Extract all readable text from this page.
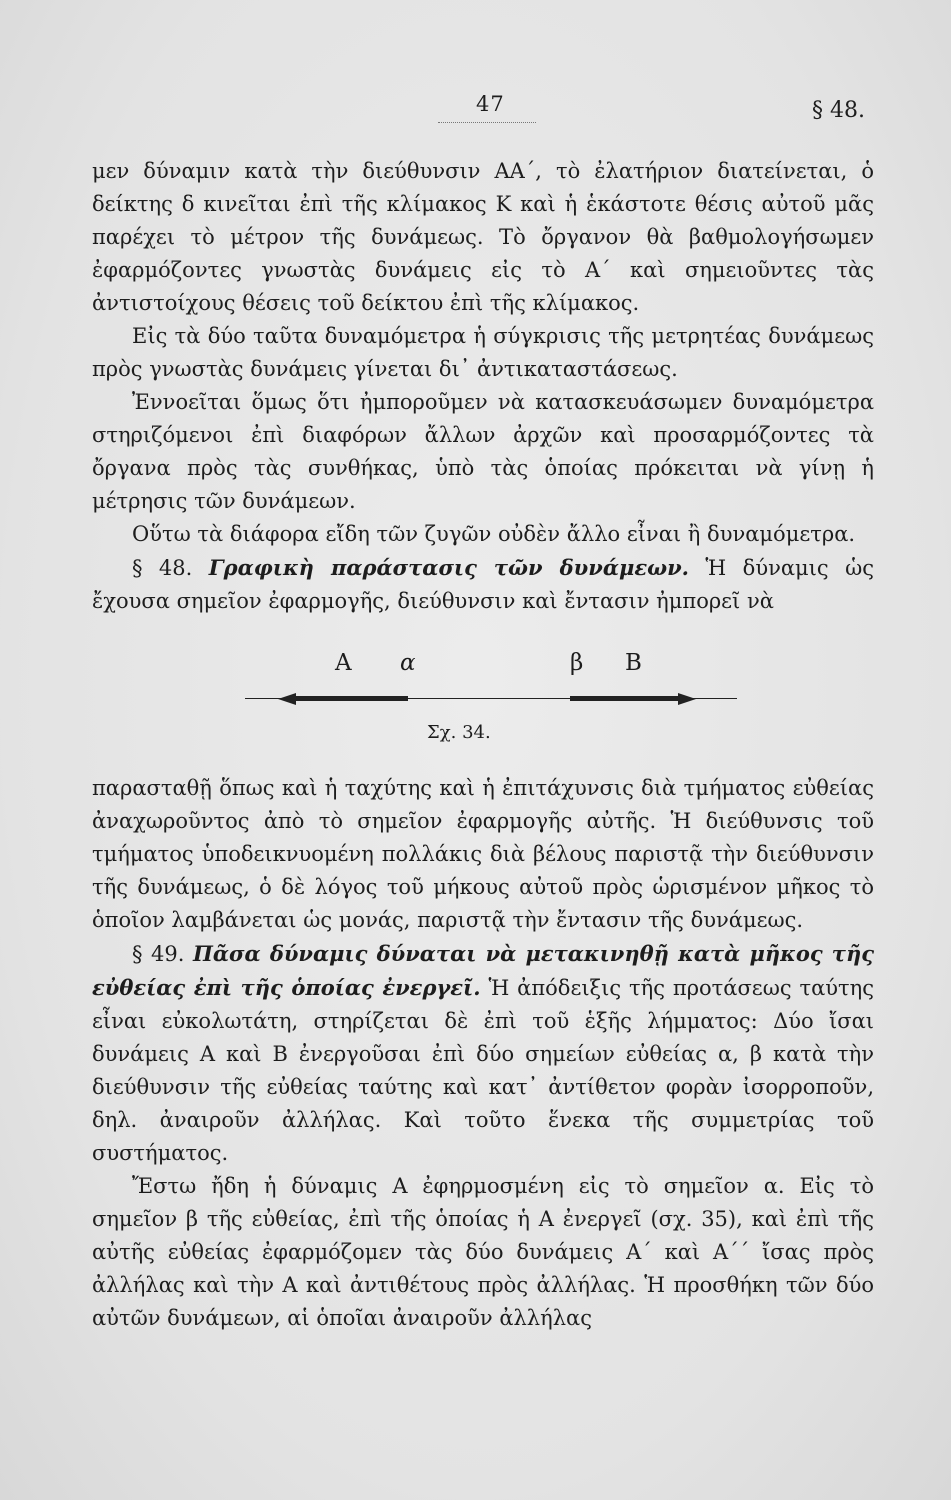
47	§ 48.

μεν δύναμιν κατὰ τὴν διεύθυνσιν ΑΑ΄, τὸ ἐλατήριον διατείνεται, ὁ δείκτης δ κινεῖται ἐπὶ τῆς κλίμακος Κ καὶ ἡ ἑκάστοτε θέσις αὐτοῦ μᾶς παρέχει τὸ μέτρον τῆς δυνάμεως. Τὸ ὄργανον θὰ βαθμολογήσωμεν ἐφαρμόζοντες γνωστὰς δυνάμεις εἰς τὸ Α΄ καὶ σημειοῦντες τὰς ἀντιστοίχους θέσεις τοῦ δείκτου ἐπὶ τῆς κλίμακος.

Εἰς τὰ δύο ταῦτα δυναμόμετρα ἡ σύγκρισις τῆς μετρητέας δυνάμεως πρὸς γνωστὰς δυνάμεις γίνεται δι᾽ ἀντικαταστάσεως.

Ἐννοεῖται ὅμως ὅτι ἠμποροῦμεν νὰ κατασκευάσωμεν δυναμόμετρα στηριζόμενοι ἐπὶ διαφόρων ἄλλων ἀρχῶν καὶ προσαρμόζοντες τὰ ὄργανα πρὸς τὰς συνθήκας, ὑπὸ τὰς ὁποίας πρόκειται νὰ γίνῃ ἡ μέτρησις τῶν δυνάμεων.

Οὕτω τὰ διάφορα εἴδη τῶν ζυγῶν οὐδὲν ἄλλο εἶναι ἢ δυναμόμετρα.

§ 48. Γραφικὴ παράστασις τῶν δυνάμεων. Ἡ δύναμις ὡς ἔχουσα σημεῖον ἐφαρμογῆς, διεύθυνσιν καὶ ἔντασιν ἠμπορεῖ νὰ

Α α	β Β
Σχ. 34.

παρασταθῇ ὅπως καὶ ἡ ταχύτης καὶ ἡ ἐπιτάχυνσις διὰ τμήματος εὐθείας ἀναχωροῦντος ἀπὸ τὸ σημεῖον ἐφαρμογῆς αὐτῆς. Ἡ διεύθυνσις τοῦ τμήματος ὑποδεικνυομένη πολλάκις διὰ βέλους παριστᾷ τὴν διεύθυνσιν τῆς δυνάμεως, ὁ δὲ λόγος τοῦ μήκους αὐτοῦ πρὸς ὡρισμένον μῆκος τὸ ὁποῖον λαμβάνεται ὡς μονάς, παριστᾷ τὴν ἔντασιν τῆς δυνάμεως.

§ 49. Πᾶσα δύναμις δύναται νὰ μετακινηθῇ κατὰ μῆκος τῆς εὐθείας ἐπὶ τῆς ὁποίας ἐνεργεῖ. Ἡ ἀπόδειξις τῆς προτάσεως ταύτης εἶναι εὐκολωτάτη, στηρίζεται δὲ ἐπὶ τοῦ ἑξῆς λήμματος: Δύο ἴσαι δυνάμεις Α καὶ Β ἐνεργοῦσαι ἐπὶ δύο σημείων εὐθείας α, β κατὰ τὴν διεύθυνσιν τῆς εὐθείας ταύτης καὶ κατ᾽ ἀντίθετον φορὰν ἰσορροποῦν, δηλ. ἀναιροῦν ἀλλήλας. Καὶ τοῦτο ἕνεκα τῆς συμμετρίας τοῦ συστήματος.

Ἔστω ἤδη ἡ δύναμις Α ἐφηρμοσμένη εἰς τὸ σημεῖον α. Εἰς τὸ σημεῖον β τῆς εὐθείας, ἐπὶ τῆς ὁποίας ἡ Α ἐνεργεῖ (σχ. 35), καὶ ἐπὶ τῆς αὐτῆς εὐθείας ἐφαρμόζομεν τὰς δύο δυνάμεις Α΄ καὶ Α΄΄ ἴσας πρὸς ἀλλήλας καὶ τὴν Α καὶ ἀντιθέτους πρὸς ἀλλήλας. Ἡ προσθήκη τῶν δύο αὐτῶν δυνάμεων, αἱ ὁποῖαι ἀναιροῦν ἀλλήλας
